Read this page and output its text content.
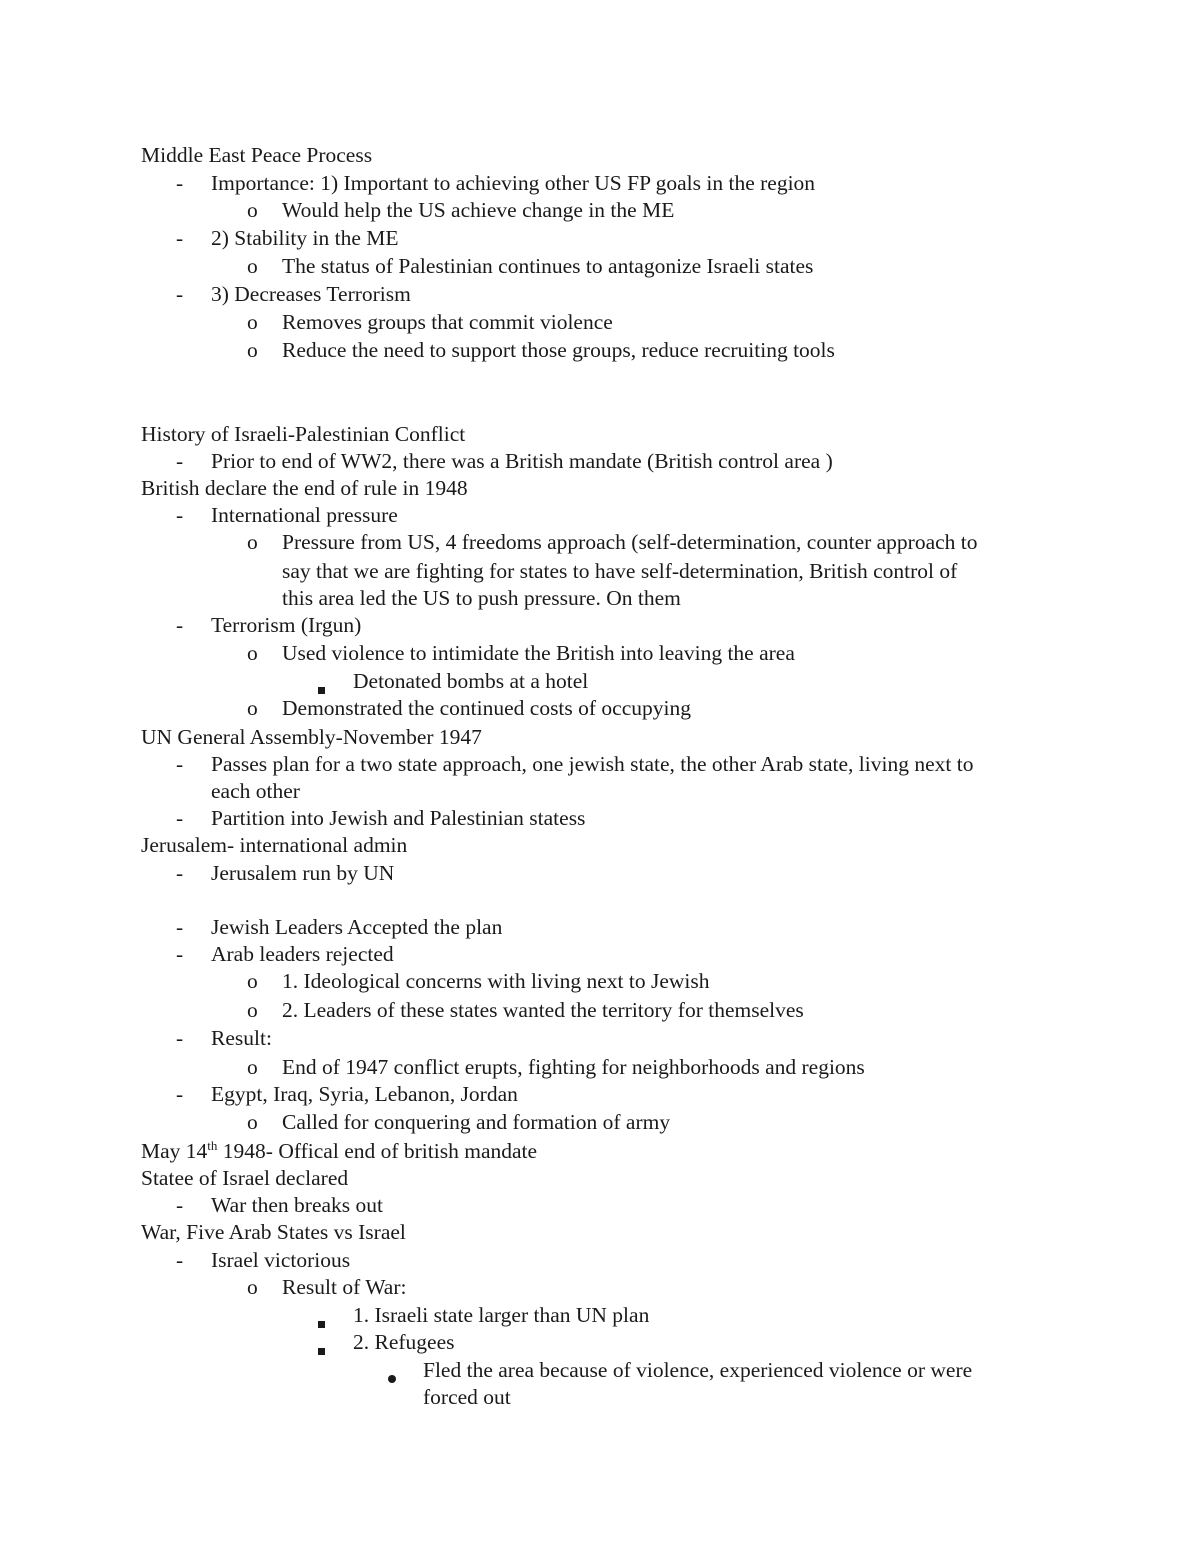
Middle East Peace Process
- Importance: 1) Important to achieving other US FP goals in the region
o Would help the US achieve change in the ME
- 2) Stability in the ME
o The status of Palestinian continues to antagonize Israeli states
- 3) Decreases Terrorism
o Removes groups that commit violence
o Reduce the need to support those groups, reduce recruiting tools
History of Israeli-Palestinian Conflict
- Prior to end of WW2, there was a British mandate (British control area )
British declare the end of rule in 1948
- International pressure
o Pressure from US, 4 freedoms approach (self-determination, counter approach to
say that we are fighting for states to have self-determination, British control of
this area led the US to push pressure. On them
- Terrorism (Irgun)
o Used violence to intimidate the British into leaving the area
Detonated bombs at a hotel
o Demonstrated the continued costs of occupying
UN General Assembly-November 1947
- Passes plan for a two state approach, one jewish state, the other Arab state, living next to
each other
- Partition into Jewish and Palestinian statess
Jerusalem- international admin
- Jerusalem run by UN
- Jewish Leaders Accepted the plan
- Arab leaders rejected
o 1. Ideological concerns with living next to Jewish
o 2. Leaders of these states wanted the territory for themselves
- Result:
o End of 1947 conflict erupts, fighting for neighborhoods and regions
- Egypt, Iraq, Syria, Lebanon, Jordan
o Called for conquering and formation of army
May 14th 1948- Offical end of british mandate
Statee of Israel declared
- War then breaks out
War, Five Arab States vs Israel
- Israel victorious
o Result of War:
1. Israeli state larger than UN plan
2. Refugees
Fled the area because of violence, experienced violence or were
forced out
